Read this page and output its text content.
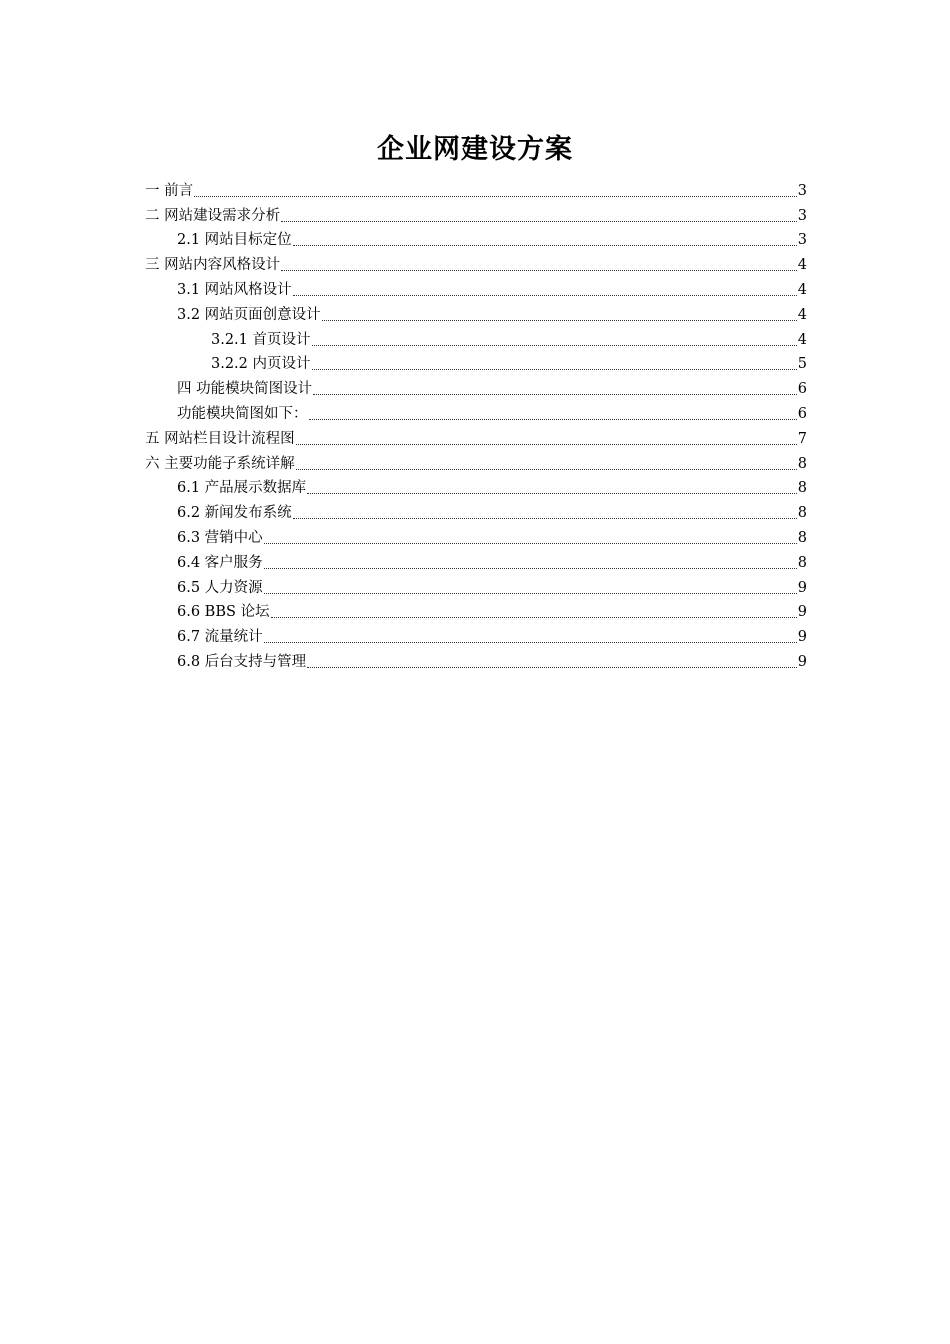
企业网建设方案
一 前言	3
二 网站建设需求分析	3
2.1 网站目标定位	3
三 网站内容风格设计	4
3.1 网站风格设计	4
3.2 网站页面创意设计	4
3.2.1 首页设计	4
3.2.2 内页设计	5
四 功能模块简图设计	6
功能模块简图如下：	6
五 网站栏目设计流程图	7
六 主要功能子系统详解	8
6.1 产品展示数据库	8
6.2 新闻发布系统	8
6.3 营销中心	8
6.4 客户服务	8
6.5 人力资源	9
6.6 BBS 论坛	9
6.7 流量统计	9
6.8 后台支持与管理	9
